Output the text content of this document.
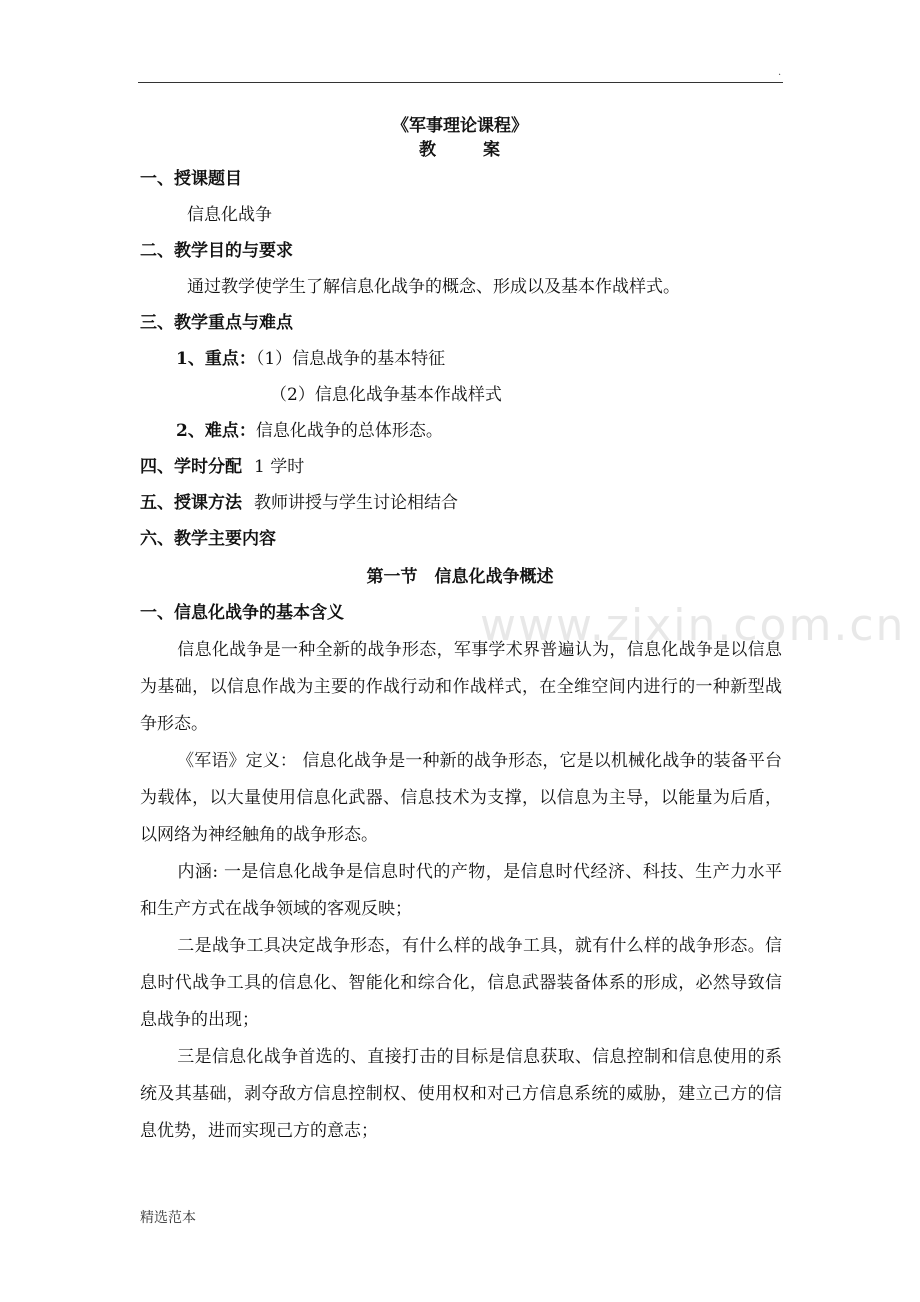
www.zixin.com.cn
·
《军事理论课程》
教	案
一、授课题目
信息化战争
二、教学目的与要求
通过教学使学生了解信息化战争的概念、形成以及基本作战样式。
三、教学重点与难点
1、重点：（1）信息战争的基本特征
（2）信息化战争基本作战样式
2、难点：信息化战争的总体形态。
四、学时分配 1 学时
五、授课方法 教师讲授与学生讨论相结合
六、教学主要内容
第一节　信息化战争概述
一、信息化战争的基本含义
信息化战争是一种全新的战争形态，军事学术界普遍认为，信息化战争是以信息为基础，以信息作战为主要的作战行动和作战样式，在全维空间内进行的一种新型战争形态。
《军语》定义： 信息化战争是一种新的战争形态，它是以机械化战争的装备平台为载体，以大量使用信息化武器、信息技术为支撑，以信息为主导，以能量为后盾，以网络为神经触角的战争形态。
内涵: 一是信息化战争是信息时代的产物，是信息时代经济、科技、生产力水平和生产方式在战争领域的客观反映；
二是战争工具决定战争形态，有什么样的战争工具，就有什么样的战争形态。信息时代战争工具的信息化、智能化和综合化，信息武器装备体系的形成，必然导致信息战争的出现；
三是信息化战争首选的、直接打击的目标是信息获取、信息控制和信息使用的系统及其基础，剥夺敌方信息控制权、使用权和对己方信息系统的威胁，建立己方的信息优势，进而实现己方的意志；
精选范本
